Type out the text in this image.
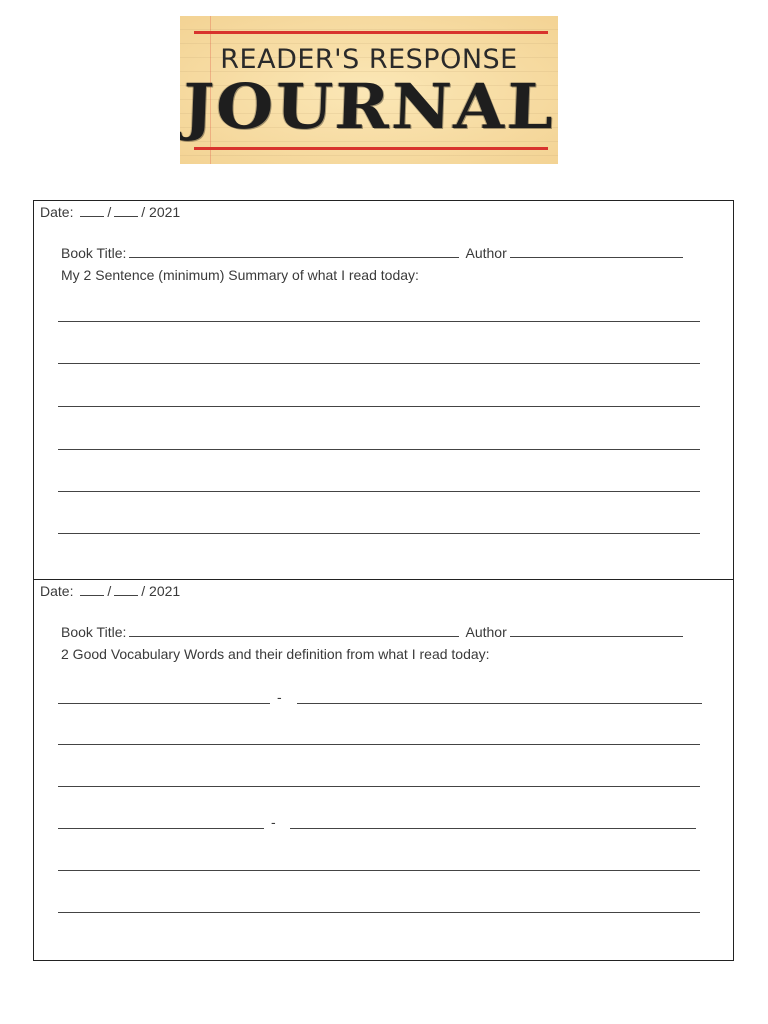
READER'S RESPONSE
JOURNAL
Date: / / 2021
Book Title:	Author
My 2 Sentence (minimum) Summary of what I read today:
Date: / / 2021
Book Title:	Author
2 Good Vocabulary Words and their definition from what I read today:
-
-
